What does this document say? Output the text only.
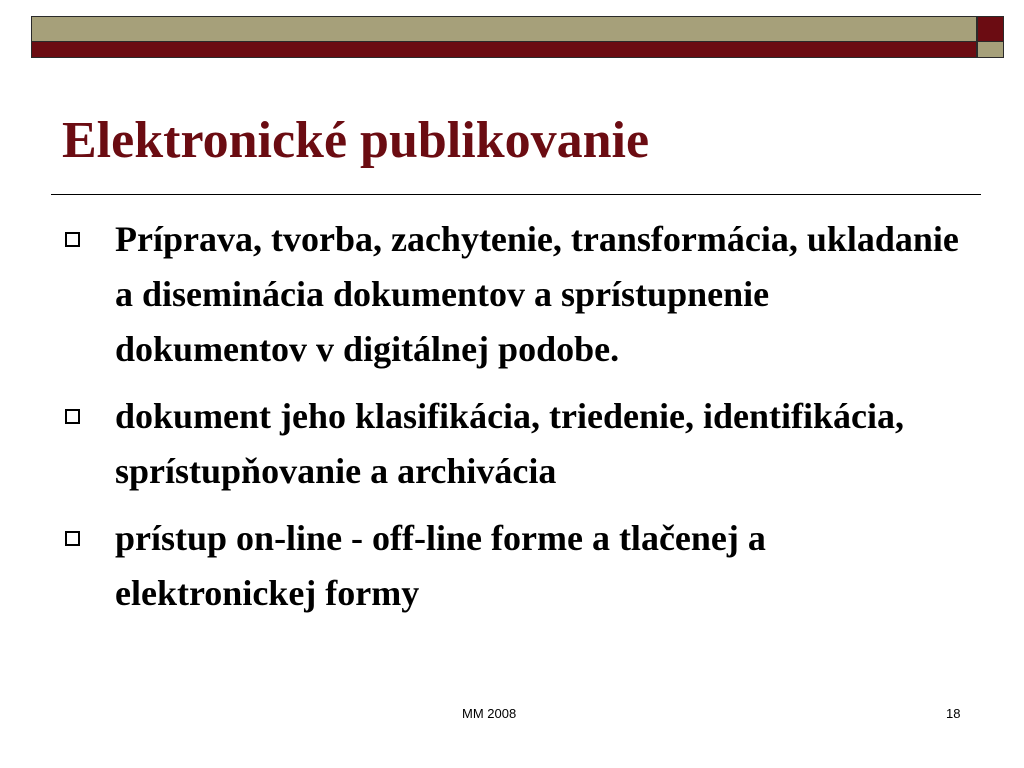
Elektronické publikovanie
Príprava, tvorba, zachytenie, transformácia, ukladanie a diseminácia dokumentov a sprístupnenie dokumentov v digitálnej podobe.
dokument jeho klasifikácia, triedenie, identifikácia, sprístupňovanie a archivácia
prístup on-line - off-line forme a tlačenej a elektronickej formy
MM 2008	18
